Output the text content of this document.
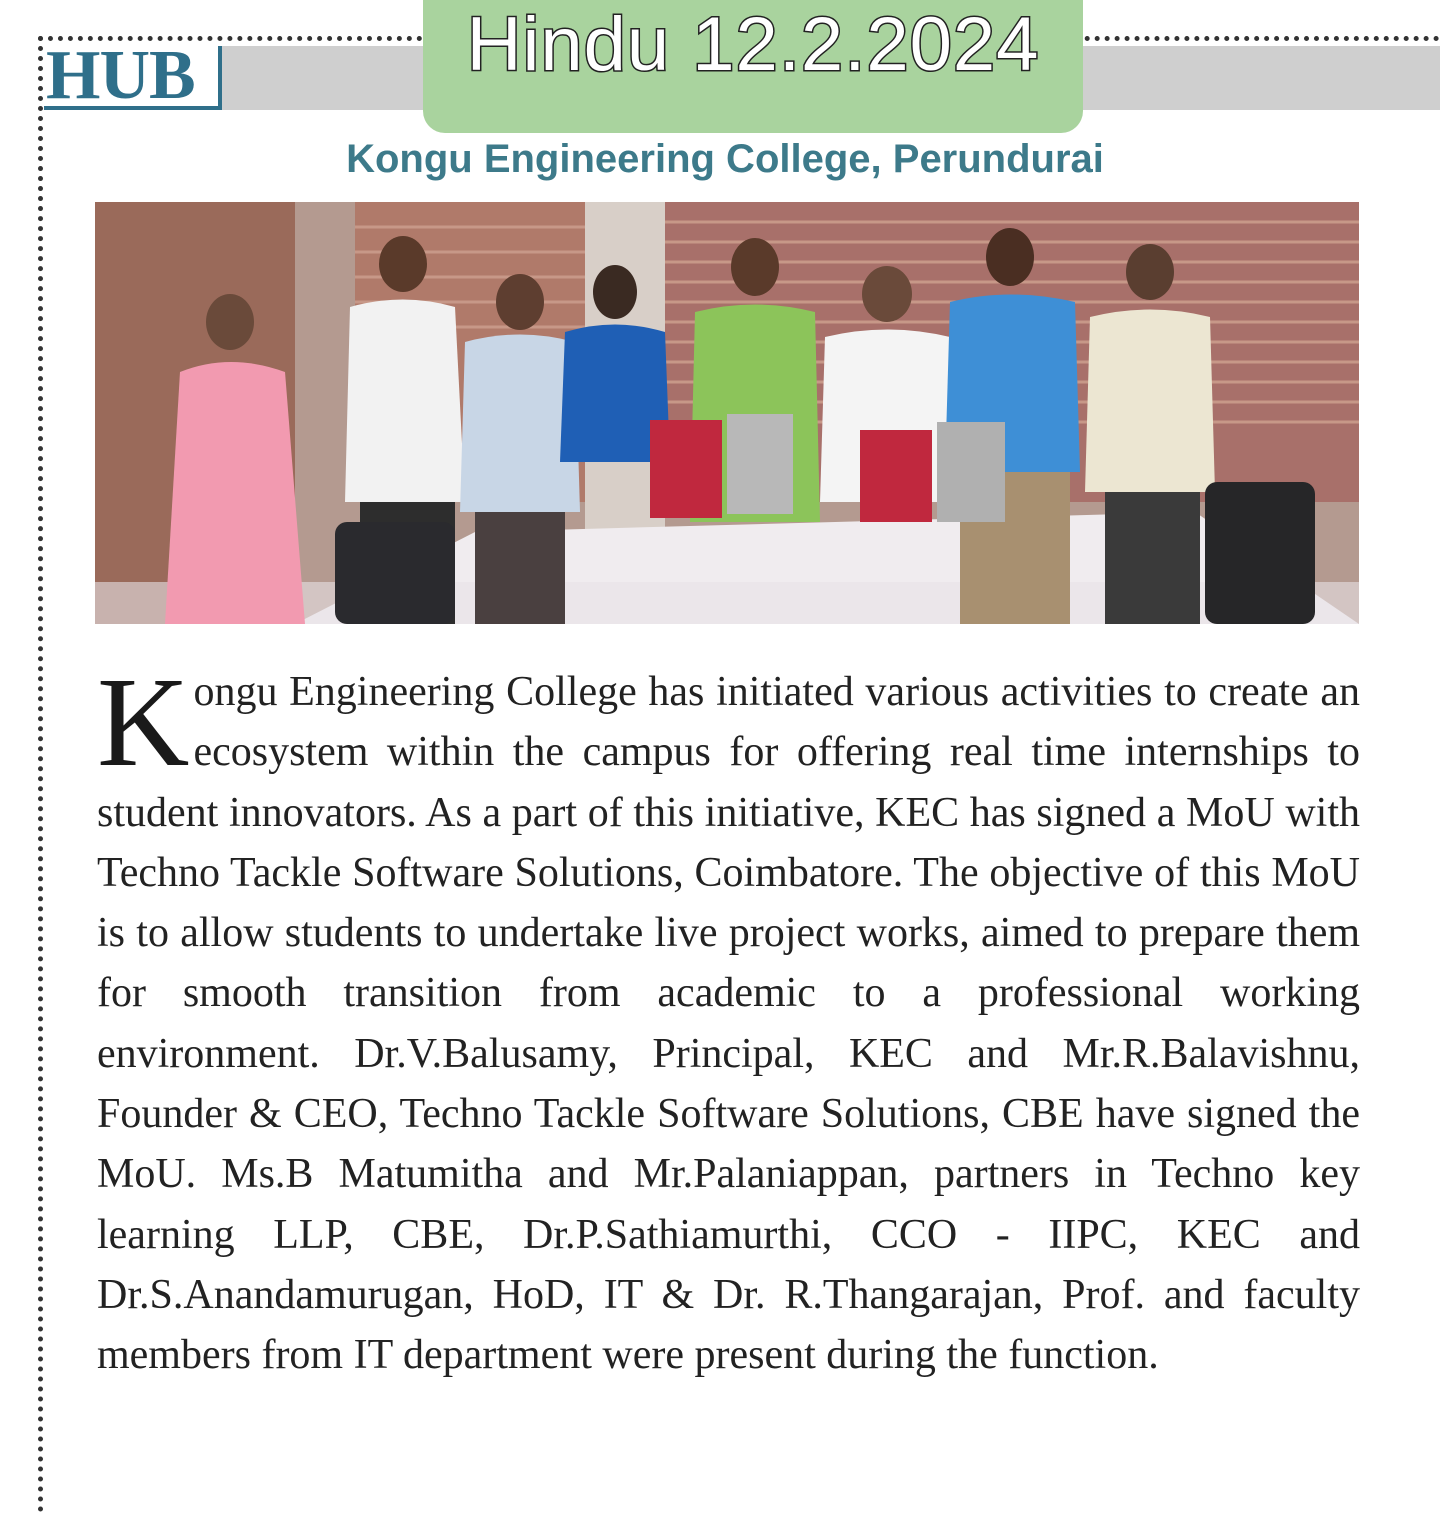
HUB	Hindu 12.2.2024
Kongu Engineering College, Perundurai

Kongu Engineering College has initiated various activities to create an ecosystem within the campus for offering real time internships to student innovators. As a part of this initiative, KEC has signed a MoU with Techno Tackle Software Solutions, Coimbatore. The objective of this MoU is to allow students to undertake live project works, aimed to prepare them for smooth transition from academic to a professional working environment. Dr.V.Balusamy, Principal, KEC and Mr.R.Balavishnu, Founder & CEO, Techno Tackle Software Solutions, CBE have signed the MoU. Ms.B Matumitha and Mr.Palaniappan, partners in Techno key learning LLP, CBE, Dr.P.Sathiamurthi, CCO - IIPC, KEC and Dr.S.Anandamurugan, HoD, IT & Dr. R.Thangarajan, Prof. and faculty members from IT department were present during the function.
